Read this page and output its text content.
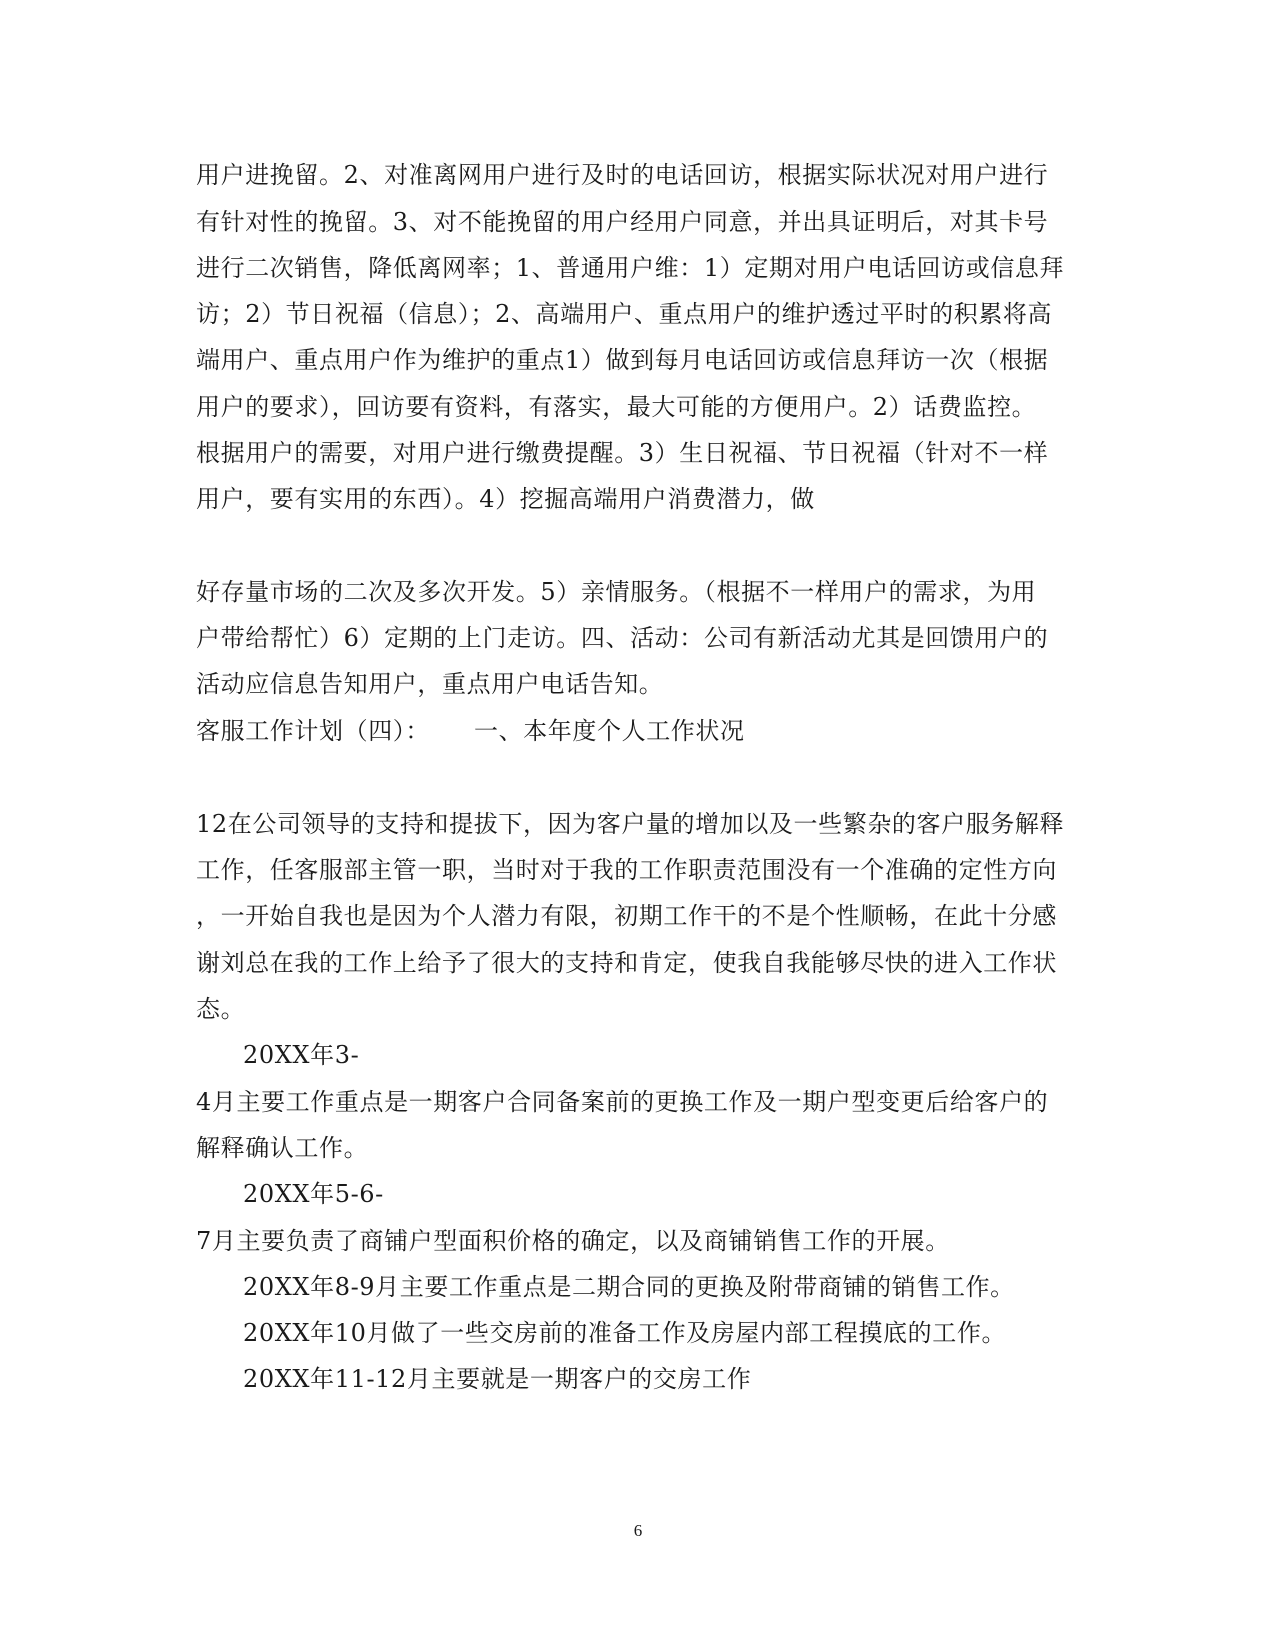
用户进挽留。2、对准离网用户进行及时的电话回访，根据实际状况对用户进行
有针对性的挽留。3、对不能挽留的用户经用户同意，并出具证明后，对其卡号
进行二次销售，降低离网率；1、普通用户维：1）定期对用户电话回访或信息拜
访；2）节日祝福（信息）；2、高端用户、重点用户的维护透过平时的积累将高
端用户、重点用户作为维护的重点1）做到每月电话回访或信息拜访一次（根据
用户的要求），回访要有资料，有落实，最大可能的方便用户。2）话费监控。
根据用户的需要，对用户进行缴费提醒。3）生日祝福、节日祝福（针对不一样
用户，要有实用的东西）。4）挖掘高端用户消费潜力，做
好存量市场的二次及多次开发。5）亲情服务。（根据不一样用户的需求，为用
户带给帮忙）6）定期的上门走访。四、活动：公司有新活动尤其是回馈用户的
活动应信息告知用户，重点用户电话告知。
客服工作计划（四）： 一、本年度个人工作状况
12在公司领导的支持和提拔下，因为客户量的增加以及一些繁杂的客户服务解释
工作，任客服部主管一职，当时对于我的工作职责范围没有一个准确的定性方向
，一开始自我也是因为个人潜力有限，初期工作干的不是个性顺畅，在此十分感
谢刘总在我的工作上给予了很大的支持和肯定，使我自我能够尽快的进入工作状
态。
20XX年3-
4月主要工作重点是一期客户合同备案前的更换工作及一期户型变更后给客户的
解释确认工作。
20XX年5-6-
7月主要负责了商铺户型面积价格的确定，以及商铺销售工作的开展。
20XX年8-9月主要工作重点是二期合同的更换及附带商铺的销售工作。
20XX年10月做了一些交房前的准备工作及房屋内部工程摸底的工作。
20XX年11-12月主要就是一期客户的交房工作
6
